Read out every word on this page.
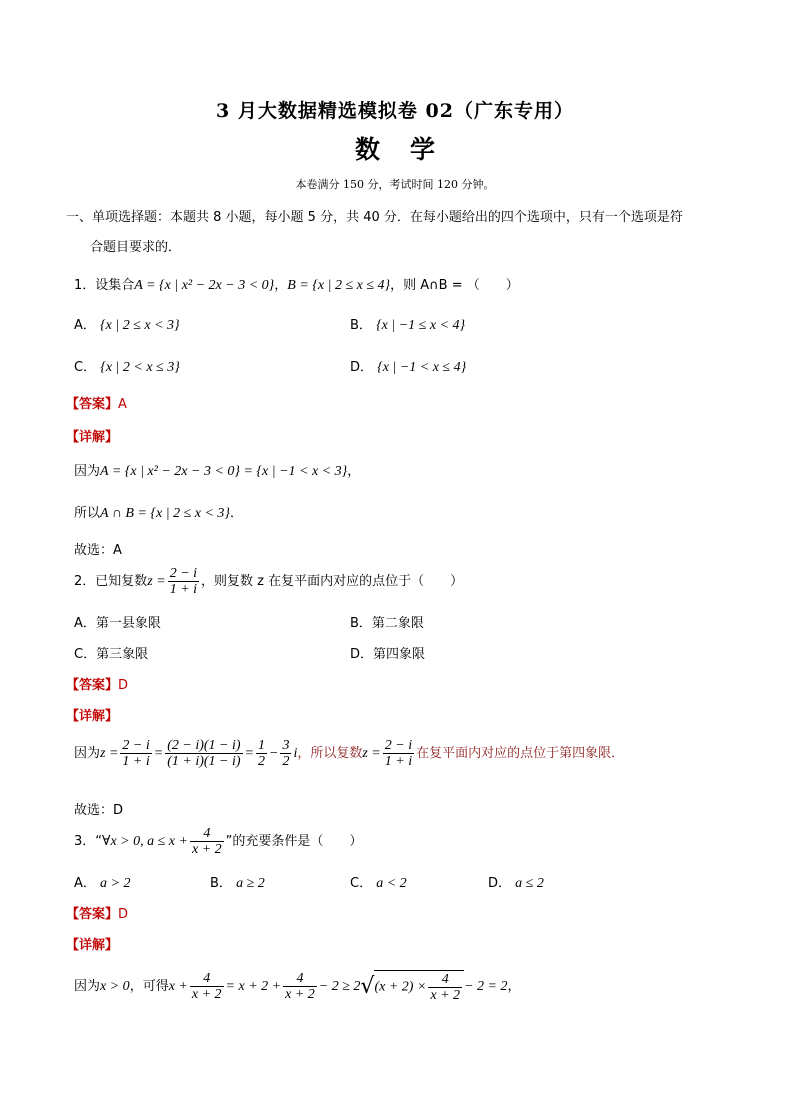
3 月大数据精选模拟卷 02（广东专用）
数学
本卷满分 150 分，考试时间 120 分钟。
一、单项选择题：本题共 8 小题，每小题 5 分，共 40 分．在每小题给出的四个选项中，只有一个选项是符
合题目要求的．
1．设集合A = {x | x² − 2x − 3 < 0}，B = {x | 2 ≤ x ≤ 4}，则 A∩B = （　　）
A． {x | 2 ≤ x < 3}	B． {x | −1 ≤ x < 4}
C． {x | 2 < x ≤ 3}	D． {x | −1 < x ≤ 4}
【答案】A
【详解】
因为A = {x | x² − 2x − 3 < 0} = {x | −1 < x < 3}，
所以A ∩ B = {x | 2 ≤ x < 3}．
故选：A
2．已知复数$z = \frac{2 - i}{1 + i}$ ，则复数 z 在复平面内对应的点位于（　　）
A．第一县象限	B．第二象限
C．第三象限	D．第四象限
【答案】D
【详解】
因为$z = \frac{2 - i}{1 + i} = \frac{(2 - i)(1 - i)}{(1 + i)(1 - i)} = \frac{1}{2} - \frac{3}{2}$ i，所以复数$z = \frac{2 - i}{1 + i}$ 在复平面内对应的点位于第四象限．
故选：D
3．“∀x > 0, $a \le x + \frac{4}{x + 2}$ ”的充要条件是（　　）
A． a > 2	B． a ≥ 2	C． a < 2	D． a ≤ 2
【答案】D
【详解】
因为x > 0，可得$x + \frac{4}{x + 2} = x + 2 + \frac{4}{x + 2} - 2 \ge 2√(x + 2) \times \frac{4}{x + 2} - 2 = 2$，
